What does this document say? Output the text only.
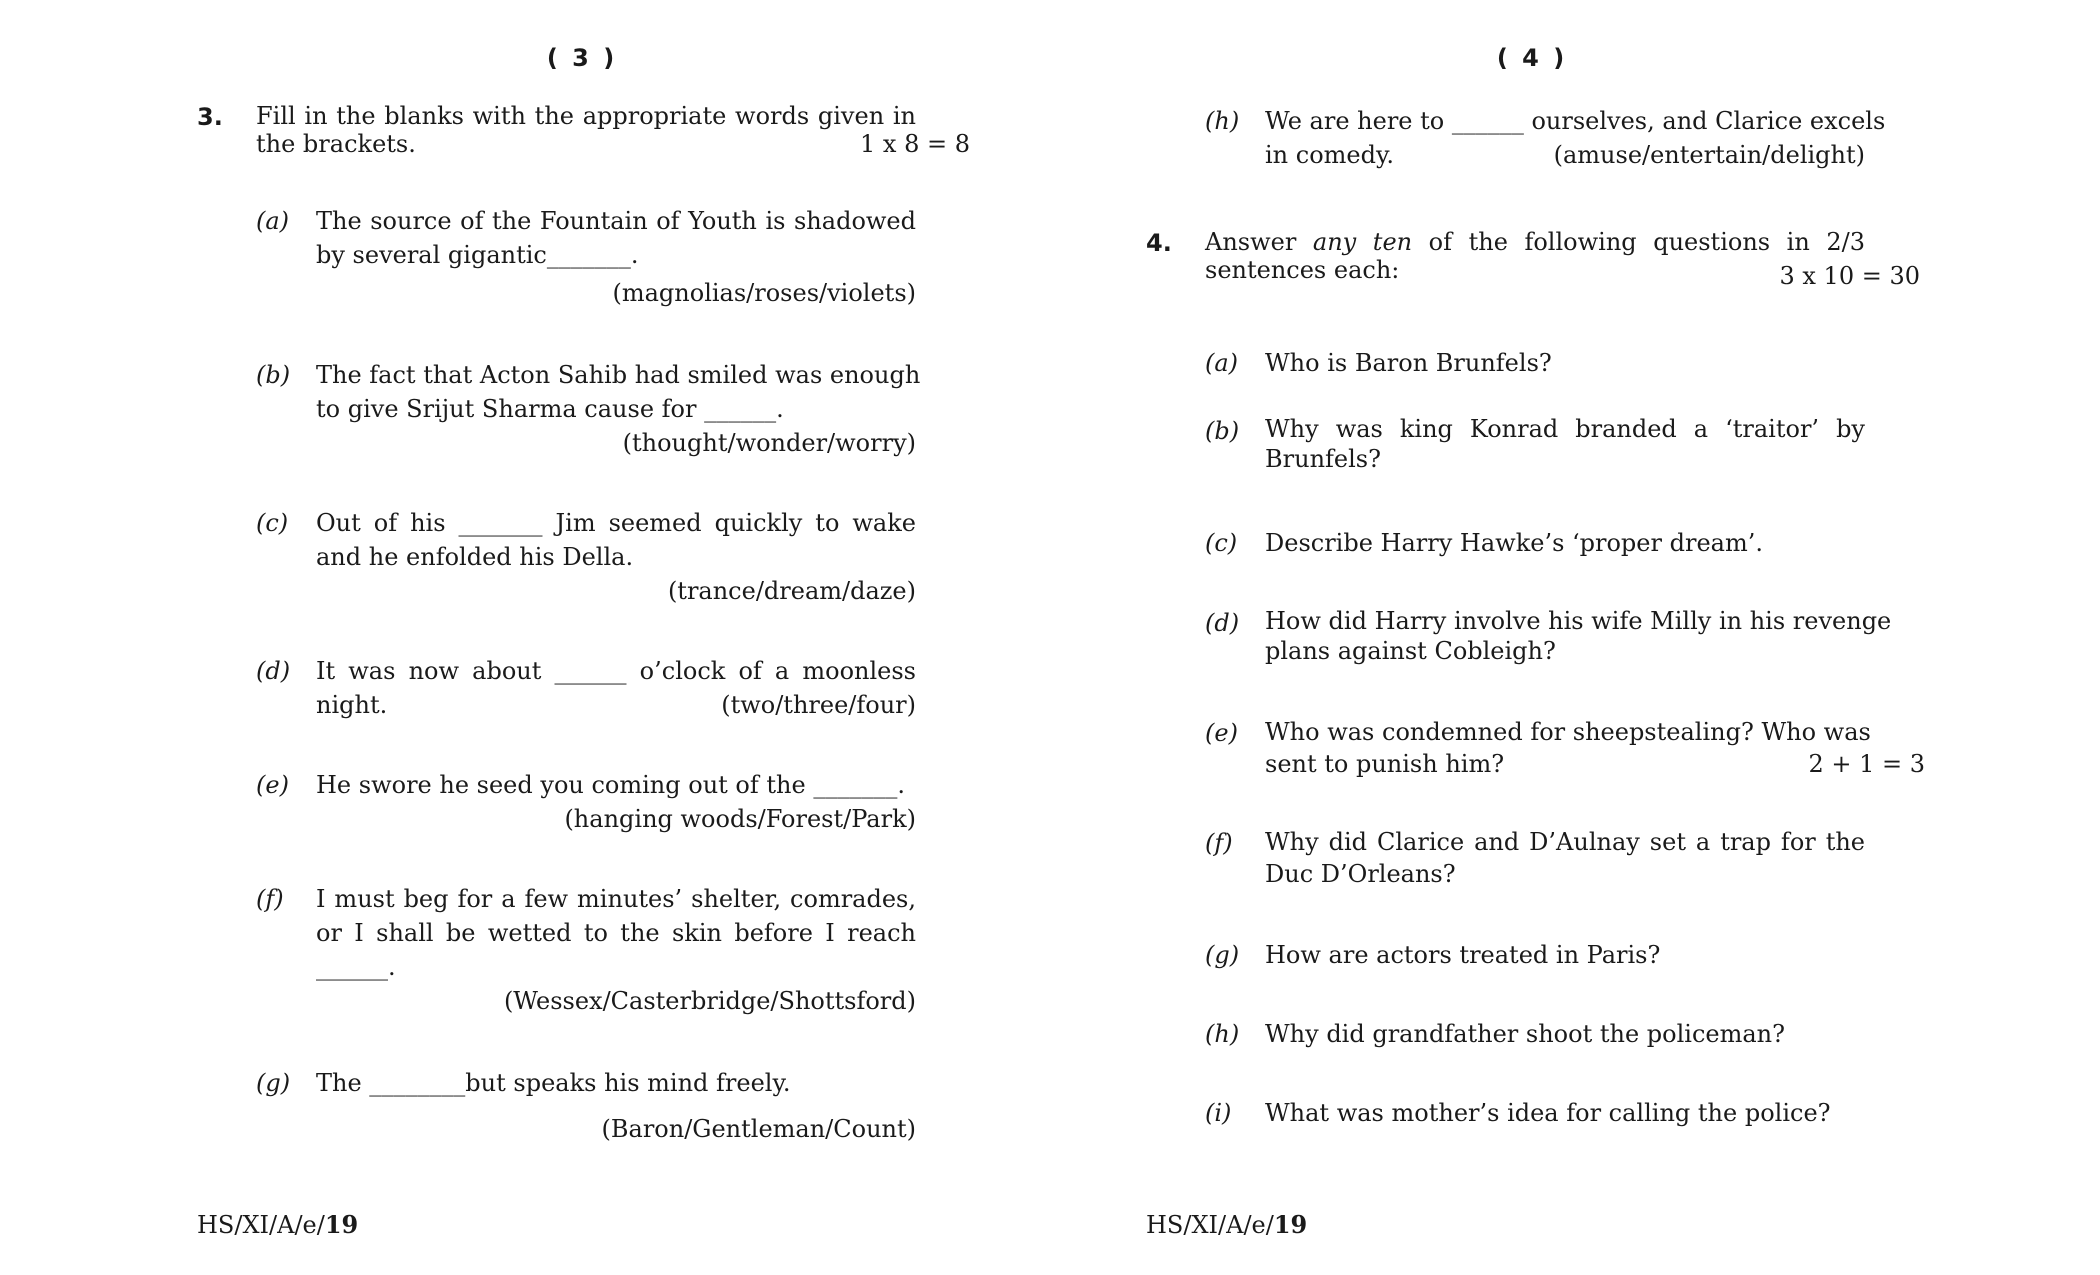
( 3 )
3. Fill in the blanks with the appropriate words given in
the brackets.	1 x 8 = 8
(a) The source of the Fountain of Youth is shadowed
by several gigantic_______.
(magnolias/roses/violets)
(b) The fact that Acton Sahib had smiled was enough
to give Srijut Sharma cause for ______.
(thought/wonder/worry)
(c) Out of his _______ Jim seemed quickly to wake
and he enfolded his Della.
(trance/dream/daze)
(d) It was now about ______ o’clock of a moonless
night.	(two/three/four)
(e) He swore he seed you coming out of the _______.
(hanging woods/Forest/Park)
(f) I must beg for a few minutes’ shelter, comrades,
or I shall be wetted to the skin before I reach
______.
(Wessex/Casterbridge/Shottsford)
(g) The ________but speaks his mind freely.
(Baron/Gentleman/Count)
HS/XI/A/e/19
( 4 )
(h) We are here to ______ ourselves, and Clarice excels
in comedy.	(amuse/entertain/delight)
4. Answer any ten of the following questions in 2/3
sentences each:	3 x 10 = 30
(a) Who is Baron Brunfels?
(b) Why was king Konrad branded a ‘traitor’ by
Brunfels?
(c) Describe Harry Hawke’s ‘proper dream’.
(d) How did Harry involve his wife Milly in his revenge
plans against Cobleigh?
(e) Who was condemned for sheepstealing? Who was
sent to punish him?	2 + 1 = 3
(f) Why did Clarice and D’Aulnay set a trap for the
Duc D’Orleans?
(g) How are actors treated in Paris?
(h) Why did grandfather shoot the policeman?
(i) What was mother’s idea for calling the police?
HS/XI/A/e/19
